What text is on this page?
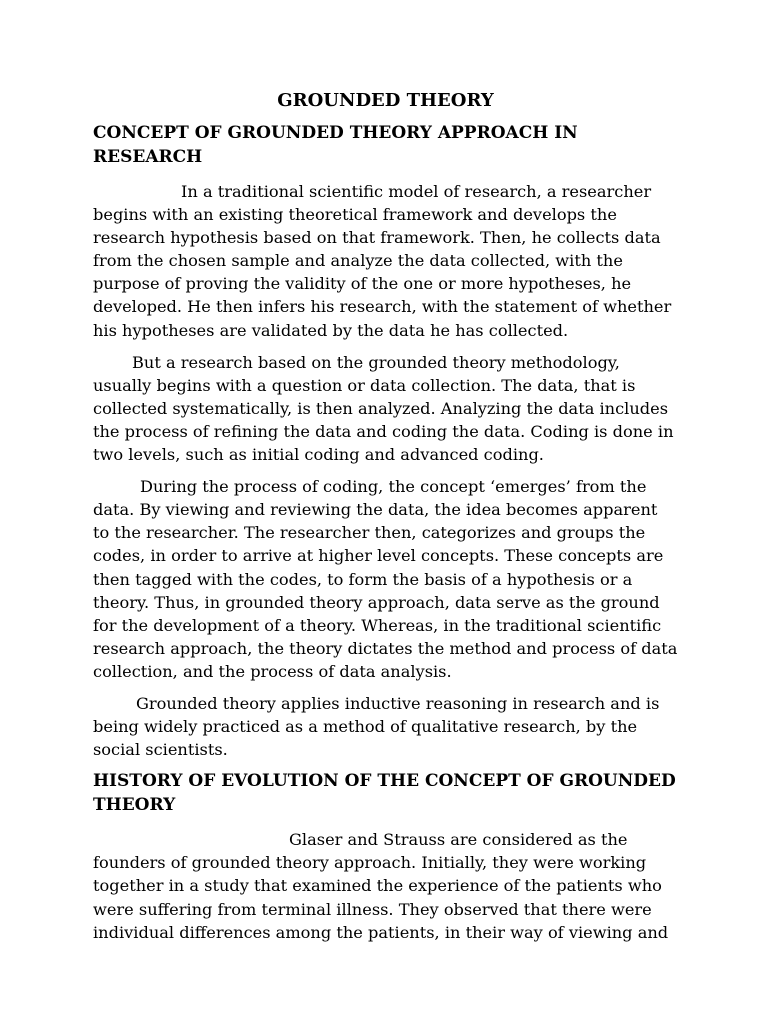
GROUNDED THEORY
CONCEPT OF GROUNDED THEORY APPROACH IN RESEARCH

In a traditional scientific model of research, a researcher begins with an existing theoretical framework and develops the research hypothesis based on that framework. Then, he collects data from the chosen sample and analyze the data collected, with the purpose of proving the validity of the one or more hypotheses, he developed. He then infers his research, with the statement of whether his hypotheses are validated by the data he has collected.

But a research based on the grounded theory methodology, usually begins with a question or data collection. The data, that is collected systematically, is then analyzed. Analyzing the data includes the process of refining the data and coding the data. Coding is done in two levels, such as initial coding and advanced coding.

During the process of coding, the concept ‘emerges’ from the data. By viewing and reviewing the data, the idea becomes apparent to the researcher. The researcher then, categorizes and groups the codes, in order to arrive at higher level concepts. These concepts are then tagged with the codes, to form the basis of a hypothesis or a theory. Thus, in grounded theory approach, data serve as the ground for the development of a theory. Whereas, in the traditional scientific research approach, the theory dictates the method and process of data collection, and the process of data analysis.

Grounded theory applies inductive reasoning in research and is being widely practiced as a method of qualitative research, by the social scientists.

HISTORY OF EVOLUTION OF THE CONCEPT OF GROUNDED THEORY

Glaser and Strauss are considered as the founders of grounded theory approach. Initially, they were working together in a study that examined the experience of the patients who were suffering from terminal illness. They observed that there were individual differences among the patients, in their way of viewing and
